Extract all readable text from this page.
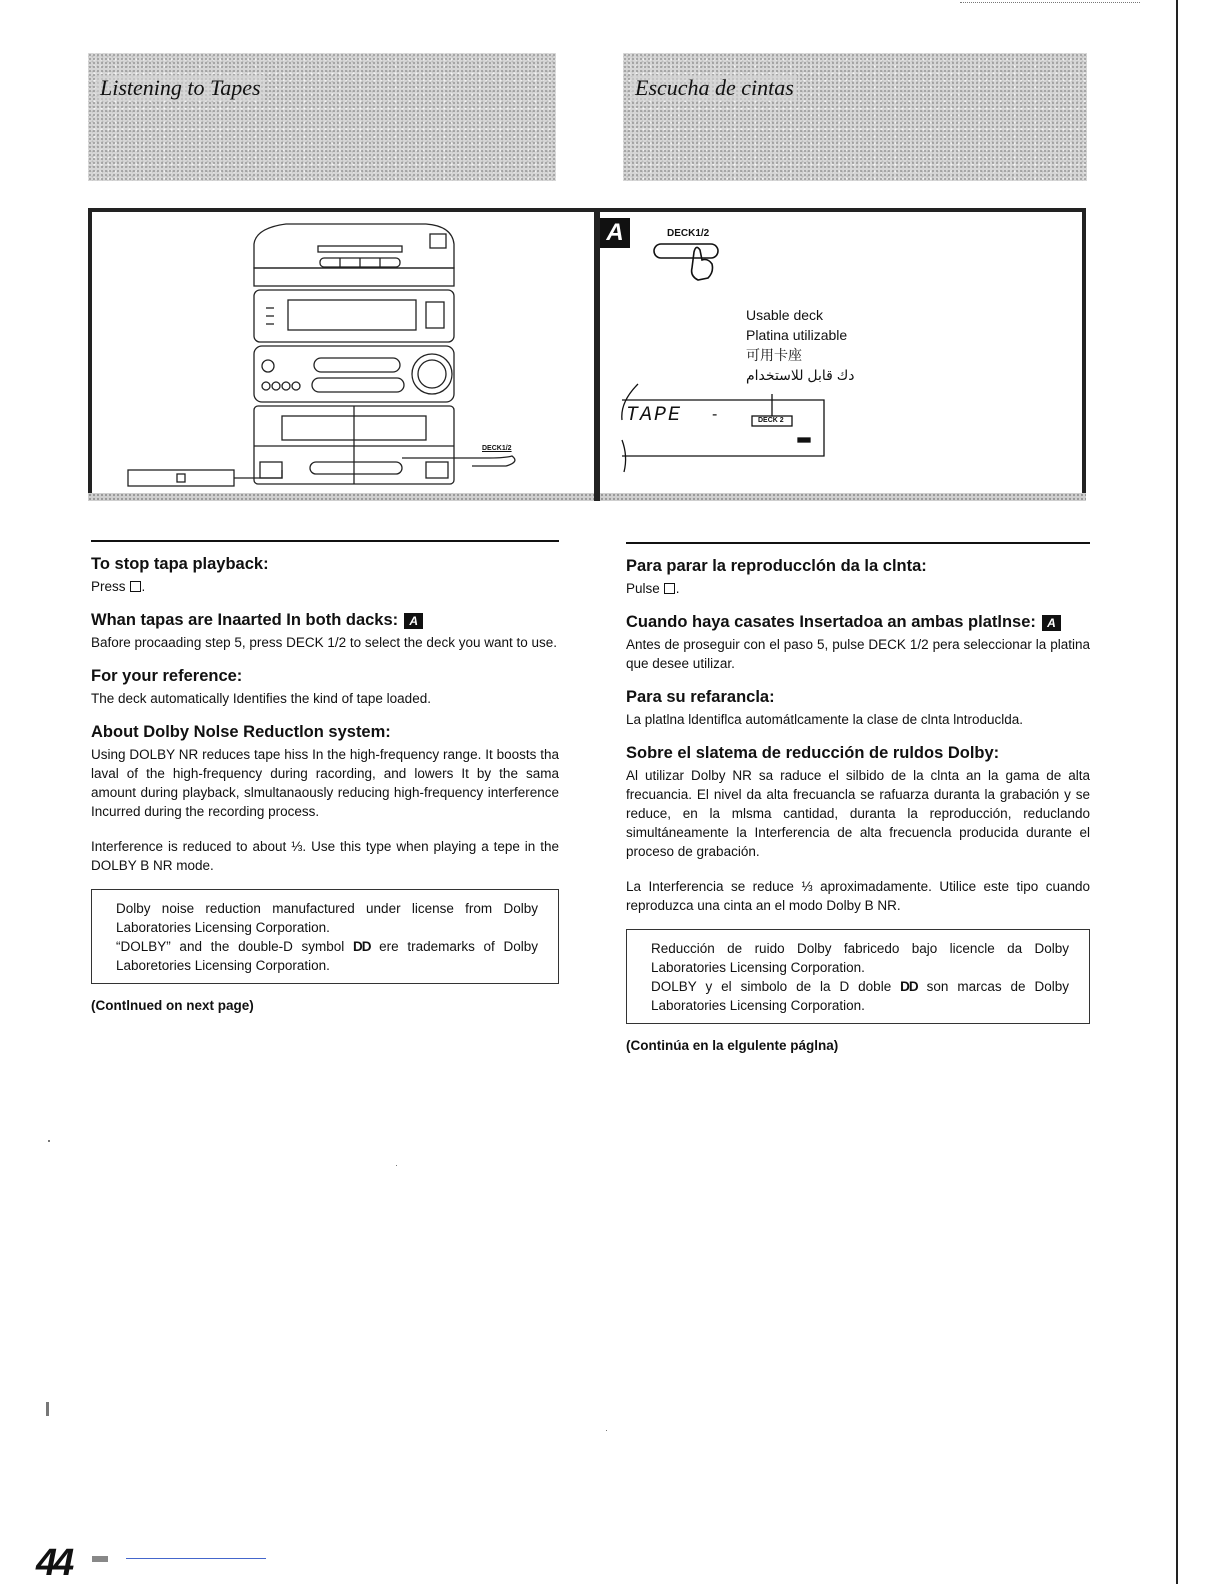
Listening to Tapes	Escucha de cintas
DECK1/2
A	DECK1/2
Usable deck
Platina utilizable
可用卡座
دك قابل للاستخدام
TAPE -	DECK 2
To stop tapa playback:

Press .

Whan tapas are Inaarted In both dacks: A

Bafore procaading step 5, press DECK 1/2 to select the deck you want to use.

For your reference:

The deck automatically Identifies the kind of tape loaded.

About Dolby Nolse Reductlon system:

Using DOLBY NR reduces tape hiss In the high-frequency range. It boosts tha laval of the high-frequency during racording, and lowers It by the sama amount during playback, slmultanaously reducing high-frequency interference Incurred during the recording process.

Interference is reduced to about ⅓. Use this type when playing a tepe in the DOLBY B NR mode.

Dolby noise reduction manufactured under license from Dolby Laboratories Licensing Corporation.
“DOLBY” and the double-D symbol DD ere trademarks of Dolby Laboretories Licensing Corporation.
(Contlnued on next page)
Para parar la reproducclón da la clnta:

Pulse .

Cuando haya casates Insertadoa an ambas platlnse: A

Antes de proseguir con el paso 5, pulse DECK 1/2 pera seleccionar la platina que desee utilizar.

Para su refarancla:

La platlna ldentiflca automátlcamente la clase de clnta lntroduclda.

Sobre el slatema de reducción de ruldos Dolby:

Al utilizar Dolby NR sa raduce el silbido de la clnta an la gama de alta frecuancia. El nivel da alta frecuancla se rafuarza duranta la grabación y se reduce, en la mlsma cantidad, duranta la reproducción, reduclando simultáneamente la Interferencia de alta frecuencla producida durante el proceso de grabación.

La Interferencia se reduce ⅓ aproximadamente. Utilice este tipo cuando reproduzca una cinta an el modo Dolby B NR.

Reducción de ruido Dolby fabricedo bajo licencle da Dolby Laboratories Licensing Corporation.
DOLBY y el simbolo de la D doble DD son marcas de Dolby Laboratories Licensing Corporation.
(Continúa en la elgulente páglna)
44
